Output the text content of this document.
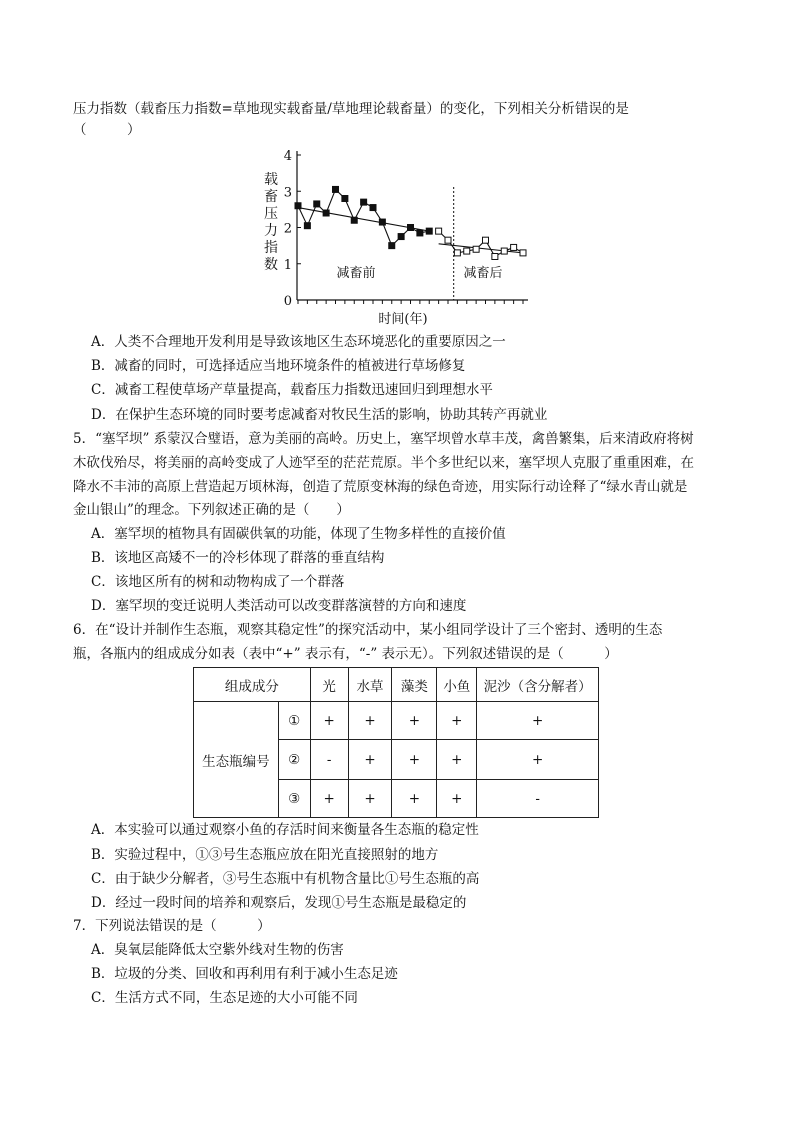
压力指数（载畜压力指数=草地现实载畜量/草地理论载畜量）的变化，下列相关分析错误的是
（　　　）
0
1
2
3
4
载畜压力指数
时间(年)
减畜前	减畜后
A．人类不合理地开发利用是导致该地区生态环境恶化的重要原因之一
B．减畜的同时，可选择适应当地环境条件的植被进行草场修复
C．减畜工程使草场产草量提高，载畜压力指数迅速回归到理想水平
D．在保护生态环境的同时要考虑减畜对牧民生活的影响，协助其转产再就业
5．“塞罕坝” 系蒙汉合璧语，意为美丽的高岭。历史上，塞罕坝曾水草丰茂，禽兽繁集，后来清政府将树
木砍伐殆尽，将美丽的高岭变成了人迹罕至的茫茫荒原。半个多世纪以来，塞罕坝人克服了重重困难，在
降水不丰沛的高原上营造起万顷林海，创造了荒原变林海的绿色奇迹，用实际行动诠释了“绿水青山就是
金山银山”的理念。下列叙述正确的是（　　）
A．塞罕坝的植物具有固碳供氧的功能，体现了生物多样性的直接价值
B．该地区高矮不一的冷杉体现了群落的垂直结构
C．该地区所有的树和动物构成了一个群落
D．塞罕坝的变迁说明人类活动可以改变群落演替的方向和速度
6．在“设计并制作生态瓶，观察其稳定性”的探究活动中，某小组同学设计了三个密封、透明的生态
瓶，各瓶内的组成成分如表（表中“+” 表示有，“-” 表示无）。下列叙述错误的是（　　　）
组成成分		光	水草	藻类	小鱼	泥沙（含分解者）
生态瓶编号	①	+	+	+	+	+
	②	-	+	+	+	+
	③	+	+	+	+	-
A．本实验可以通过观察小鱼的存活时间来衡量各生态瓶的稳定性
B．实验过程中，①③号生态瓶应放在阳光直接照射的地方
C．由于缺少分解者，③号生态瓶中有机物含量比①号生态瓶的高
D．经过一段时间的培养和观察后，发现①号生态瓶是最稳定的
7．下列说法错误的是（　　　）
A．臭氧层能降低太空紫外线对生物的伤害
B．垃圾的分类、回收和再利用有利于减小生态足迹
C．生活方式不同，生态足迹的大小可能不同
